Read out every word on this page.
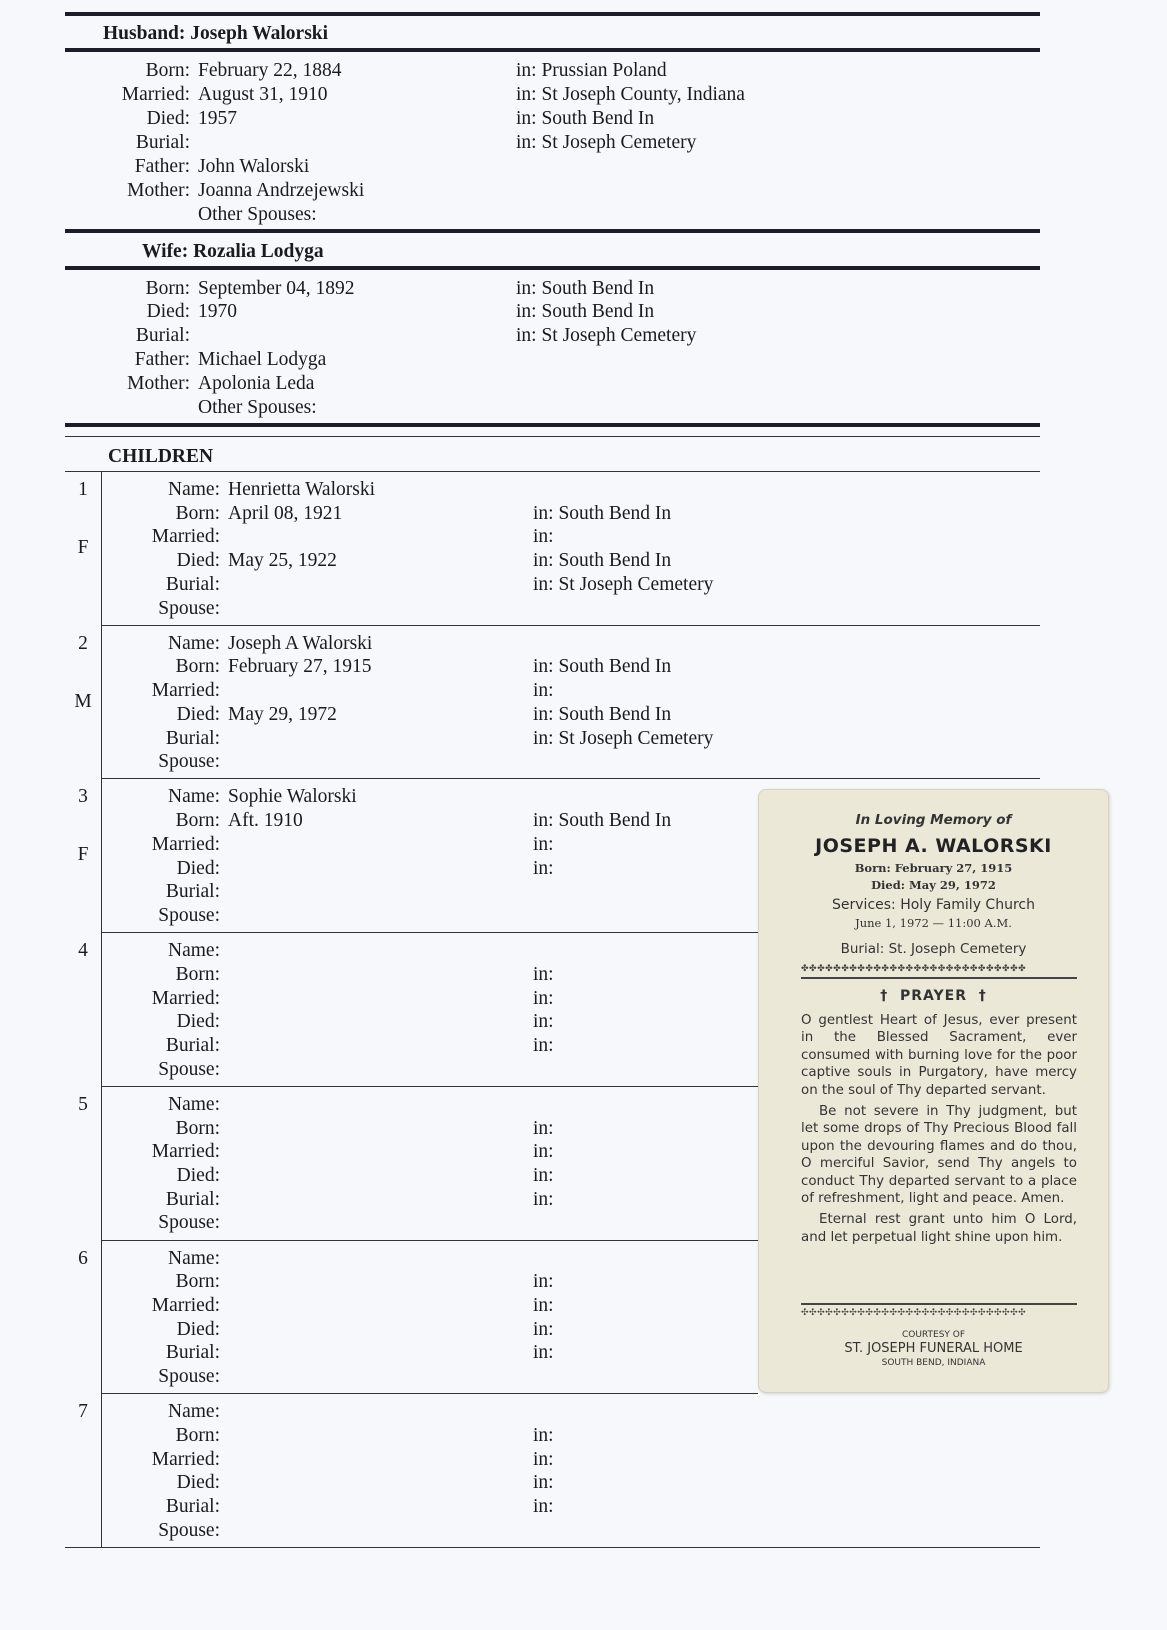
Husband: Joseph Walorski
Born: February 22, 1884	in: Prussian Poland
Married: August 31, 1910	in: St Joseph County, Indiana
Died: 1957	in: South Bend In
Burial:	in: St Joseph Cemetery
Father: John Walorski
Mother: Joanna Andrzejewski
Other Spouses:
Wife: Rozalia Lodyga
Born: September 04, 1892	in: South Bend In
Died: 1970	in: South Bend In
Burial:	in: St Joseph Cemetery
Father: Michael Lodyga
Mother: Apolonia Leda
Other Spouses:
CHILDREN
1
F
Name: Henrietta Walorski
Born: April 08, 1921	in: South Bend In
Married:	in:
Died: May 25, 1922	in: South Bend In
Burial:	in: St Joseph Cemetery
Spouse:
2
M
Name: Joseph A Walorski
Born: February 27, 1915	in: South Bend In
Married:	in:
Died: May 29, 1972	in: South Bend In
Burial:	in: St Joseph Cemetery
Spouse:
3
F
Name: Sophie Walorski
Born: Aft. 1910	in: South Bend In
Married:	in:
Died:	in:
Burial:
Spouse:
4	Name:
Born:	in:
Married:	in:
Died:	in:
Burial:	in:
Spouse:
5	Name:
Born:	in:
Married:	in:
Died:	in:
Burial:	in:
Spouse:
6	Name:
Born:	in:
Married:	in:
Died:	in:
Burial:	in:
Spouse:
7	Name:
Born:	in:
Married:	in:
Died:	in:
Burial:	in:
Spouse:
In Loving Memory of
JOSEPH A. WALORSKI
Born: February 27, 1915
Died: May 29, 1972
Services: Holy Family Church
June 1, 1972 — 11:00 A.M.
Burial: St. Joseph Cemetery
✤✤✤✤✤✤✤✤✤✤✤✤✤✤✤✤✤✤✤✤✤✤✤✤✤✤✤✤
† PRAYER †

O gentlest Heart of Jesus, ever present in the Blessed Sacrament, ever consumed with burning love for the poor captive souls in Purgatory, have mercy on the soul of Thy departed servant.

Be not severe in Thy judgment, but let some drops of Thy Precious Blood fall upon the devouring flames and do thou, O merciful Savior, send Thy angels to conduct Thy departed servant to a place of refreshment, light and peace. Amen.

Eternal rest grant unto him O Lord, and let perpetual light shine upon him.

✣✣✣✣✣✣✣✣✣✣✣✣✣✣✣✣✣✣✣✣✣✣✣✣✣✣✣✣
COURTESY OF
ST. JOSEPH FUNERAL HOME
SOUTH BEND, INDIANA
